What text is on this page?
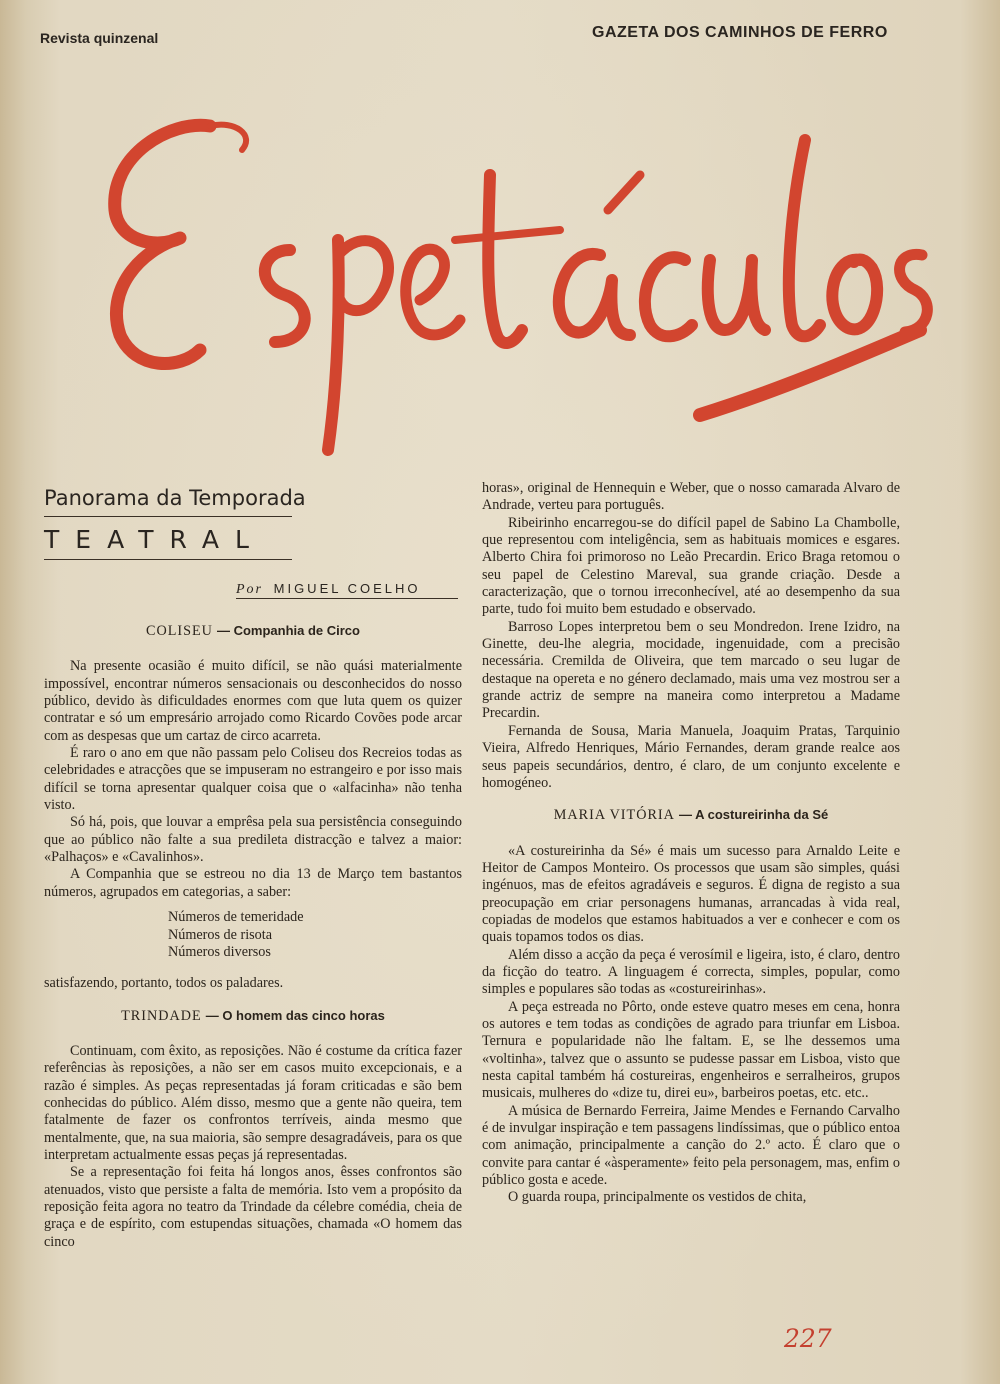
Revista quinzenal	GAZETA DOS CAMINHOS DE FERRO
Panorama da Temporada
TEATRAL
Por MIGUEL COELHO
COLISEU — Companhia de Circo

Na presente ocasião é muito difícil, se não quási materialmente impossível, encontrar números sensacionais ou desconhecidos do nosso público, devido às dificuldades enormes com que luta quem os quizer contratar e só um empresário arrojado como Ricardo Covões pode arcar com as despesas que um cartaz de circo acarreta.

É raro o ano em que não passam pelo Coliseu dos Recreios todas as celebridades e atracções que se impuseram no estrangeiro e por isso mais difícil se torna apresentar qualquer coisa que o «alfacinha» não tenha visto.

Só há, pois, que louvar a emprêsa pela sua persistência conseguindo que ao público não falte a sua predileta distracção e talvez a maior: «Palhaços» e «Cavalinhos».

A Companhia que se estreou no dia 13 de Março tem bastantos números, agrupados em categorias, a saber:

Números de temeridade
Números de risota
Números diversos

satisfazendo, portanto, todos os paladares.

TRINDADE — O homem das cinco horas

Continuam, com êxito, as reposições. Não é costume da crítica fazer referências às reposições, a não ser em casos muito excepcionais, e a razão é simples. As peças representadas já foram criticadas e são bem conhecidas do público. Além disso, mesmo que a gente não queira, tem fatalmente de fazer os confrontos terríveis, ainda mesmo que mentalmente, que, na sua maioria, são sempre desagradáveis, para os que interpretam actualmente essas peças já representadas.

Se a representação foi feita há longos anos, êsses confrontos são atenuados, visto que persiste a falta de memória. Isto vem a propósito da reposição feita agora no teatro da Trindade da célebre comédia, cheia de graça e de espírito, com estupendas situações, chamada «O homem das cinco

horas», original de Hennequin e Weber, que o nosso camarada Alvaro de Andrade, verteu para português.

Ribeirinho encarregou-se do difícil papel de Sabino La Chambolle, que representou com inteligência, sem as habituais momices e esgares. Alberto Chira foi primoroso no Leão Precardin. Erico Braga retomou o seu papel de Celestino Mareval, sua grande criação. Desde a caracterização, que o tornou irreconhecível, até ao desempenho da sua parte, tudo foi muito bem estudado e observado.

Barroso Lopes interpretou bem o seu Mondredon. Irene Izidro, na Ginette, deu-lhe alegria, mocidade, ingenuidade, com a precisão necessária. Cremilda de Oliveira, que tem marcado o seu lugar de destaque na opereta e no género declamado, mais uma vez mostrou ser a grande actriz de sempre na maneira como interpretou a Madame Precardin.

Fernanda de Sousa, Maria Manuela, Joaquim Pratas, Tarquinio Vieira, Alfredo Henriques, Mário Fernandes, deram grande realce aos seus papeis secundários, dentro, é claro, de um conjunto excelente e homogéneo.

MARIA VITÓRIA — A costureirinha da Sé

«A costureirinha da Sé» é mais um sucesso para Arnaldo Leite e Heitor de Campos Monteiro. Os processos que usam são simples, quási ingénuos, mas de efeitos agradáveis e seguros. É digna de registo a sua preocupação em criar personagens humanas, arrancadas à vida real, copiadas de modelos que estamos habituados a ver e conhecer e com os quais topamos todos os dias.

Além disso a acção da peça é verosímil e ligeira, isto, é claro, dentro da ficção do teatro. A linguagem é correcta, simples, popular, como simples e populares são todas as «costureirinhas».

A peça estreada no Pôrto, onde esteve quatro meses em cena, honra os autores e tem todas as condições de agrado para triunfar em Lisboa. Ternura e popularidade não lhe faltam. E, se lhe dessemos uma «voltinha», talvez que o assunto se pudesse passar em Lisboa, visto que nesta capital também há costureiras, engenheiros e serralheiros, grupos musicais, mulheres do «dize tu, direi eu», barbeiros poetas, etc. etc..

A música de Bernardo Ferreira, Jaime Mendes e Fernando Carvalho é de invulgar inspiração e tem passagens lindíssimas, que o público entoa com animação, principalmente a canção do 2.º acto. É claro que o convite para cantar é «àsperamente» feito pela personagem, mas, enfim o público gosta e acede.

O guarda roupa, principalmente os vestidos de chita,

227
